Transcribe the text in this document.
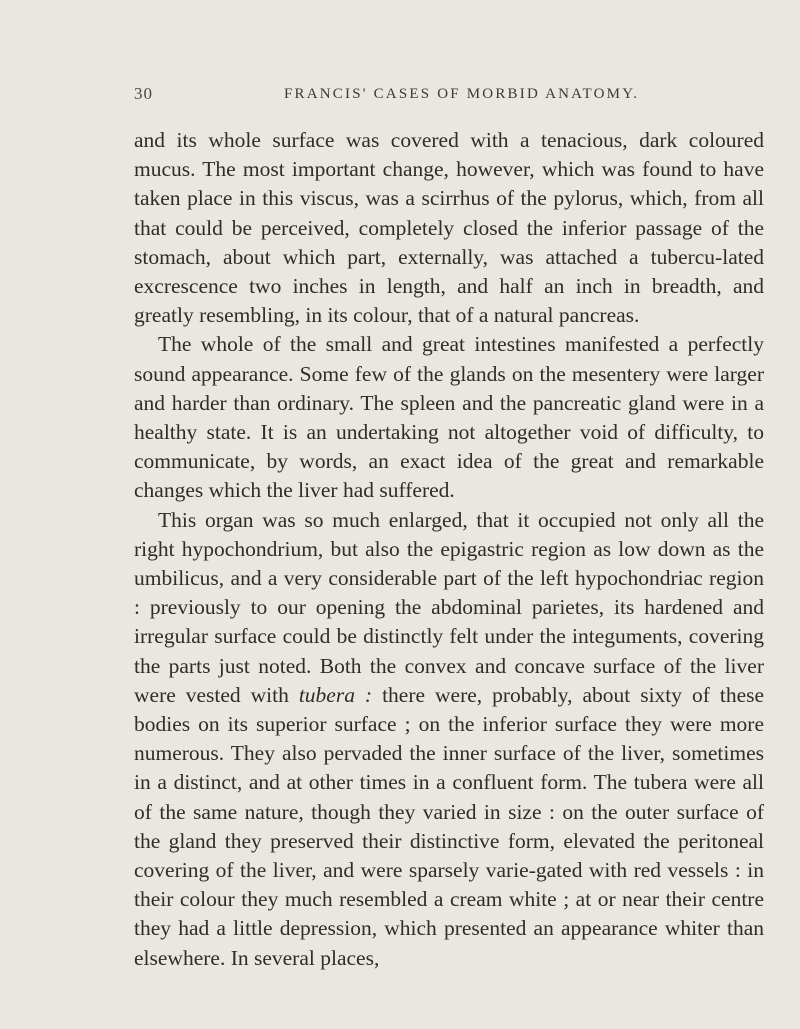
30	FRANCIS' CASES OF MORBID ANATOMY.

and its whole surface was covered with a tenacious, dark coloured mucus. The most important change, however, which was found to have taken place in this viscus, was a scirrhus of the pylorus, which, from all that could be perceived, completely closed the inferior passage of the stomach, about which part, externally, was attached a tubercu-lated excrescence two inches in length, and half an inch in breadth, and greatly resembling, in its colour, that of a natural pancreas.

The whole of the small and great intestines manifested a perfectly sound appearance. Some few of the glands on the mesentery were larger and harder than ordinary. The spleen and the pancreatic gland were in a healthy state. It is an undertaking not altogether void of difficulty, to communicate, by words, an exact idea of the great and remarkable changes which the liver had suffered.

This organ was so much enlarged, that it occupied not only all the right hypochondrium, but also the epigastric region as low down as the umbilicus, and a very considerable part of the left hypochondriac region : previously to our opening the abdominal parietes, its hardened and irregular surface could be distinctly felt under the integuments, covering the parts just noted. Both the convex and concave surface of the liver were vested with tubera : there were, probably, about sixty of these bodies on its superior surface ; on the inferior surface they were more numerous. They also pervaded the inner surface of the liver, sometimes in a distinct, and at other times in a confluent form. The tubera were all of the same nature, though they varied in size : on the outer surface of the gland they preserved their distinctive form, elevated the peritoneal covering of the liver, and were sparsely varie-gated with red vessels : in their colour they much resembled a cream white ; at or near their centre they had a little depression, which presented an appearance whiter than elsewhere. In several places,
